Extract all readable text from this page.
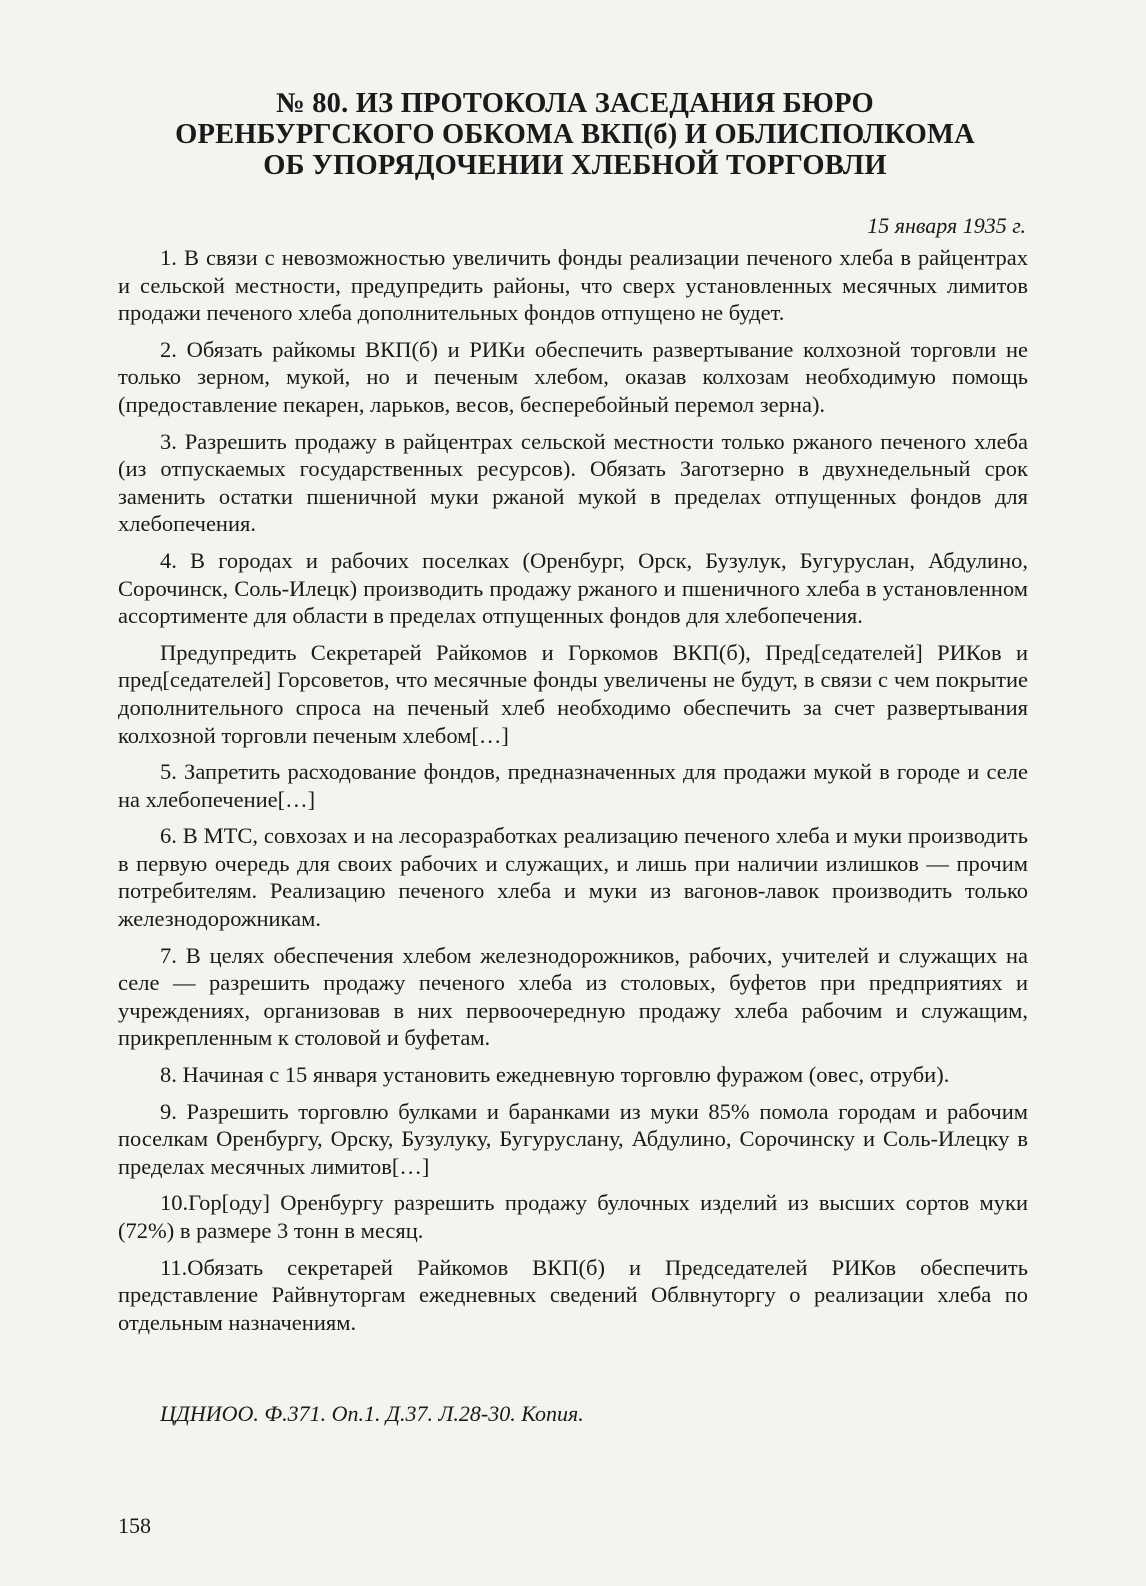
№ 80. ИЗ ПРОТОКОЛА ЗАСЕДАНИЯ БЮРО
ОРЕНБУРГСКОГО ОБКОМА ВКП(б) И ОБЛИСПОЛКОМА
ОБ УПОРЯДОЧЕНИИ ХЛЕБНОЙ ТОРГОВЛИ
15 января 1935 г.

1. В связи с невозможностью увеличить фонды реализации печеного хлеба в райцентрах и сельской местности, предупредить районы, что сверх установленных месячных лимитов продажи печеного хлеба дополнительных фондов отпущено не будет.

2. Обязать райкомы ВКП(б) и РИКи обеспечить развертывание колхозной торговли не только зерном, мукой, но и печеным хлебом, оказав колхозам необходимую помощь (предоставление пекарен, ларьков, весов, бесперебойный перемол зерна).

3. Разрешить продажу в райцентрах сельской местности только ржаного печеного хлеба (из отпускаемых государственных ресурсов). Обязать Заготзерно в двухнедельный срок заменить остатки пшеничной муки ржаной мукой в пределах отпущенных фондов для хлебопечения.

4. В городах и рабочих поселках (Оренбург, Орск, Бузулук, Бугуруслан, Абдулино, Сорочинск, Соль-Илецк) производить продажу ржаного и пшеничного хлеба в установленном ассортименте для области в пределах отпущенных фондов для хлебопечения.

Предупредить Секретарей Райкомов и Горкомов ВКП(б), Пред[седателей] РИКов и пред[седателей] Горсоветов, что месячные фонды увеличены не будут, в связи с чем покрытие дополнительного спроса на печеный хлеб необходимо обеспечить за счет развертывания колхозной торговли печеным хлебом[…]

5. Запретить расходование фондов, предназначенных для продажи мукой в городе и селе на хлебопечение[…]

6. В МТС, совхозах и на лесоразработках реализацию печеного хлеба и муки производить в первую очередь для своих рабочих и служащих, и лишь при наличии излишков — прочим потребителям. Реализацию печеного хлеба и муки из вагонов-лавок производить только железнодорожникам.

7. В целях обеспечения хлебом железнодорожников, рабочих, учителей и служащих на селе — разрешить продажу печеного хлеба из столовых, буфетов при предприятиях и учреждениях, организовав в них первоочередную продажу хлеба рабочим и служащим, прикрепленным к столовой и буфетам.

8. Начиная с 15 января установить ежедневную торговлю фуражом (овес, отруби).

9. Разрешить торговлю булками и баранками из муки 85% помола городам и рабочим поселкам Оренбургу, Орску, Бузулуку, Бугуруслану, Абдулино, Сорочинску и Соль-Илецку в пределах месячных лимитов[…]

10.Гор[оду] Оренбургу разрешить продажу булочных изделий из высших сортов муки (72%) в размере 3 тонн в месяц.

11.Обязать секретарей Райкомов ВКП(б) и Председателей РИКов обеспечить представление Райвнуторгам ежедневных сведений Облвнуторгу о реализации хлеба по отдельным назначениям.

ЦДНИОО. Ф.371. Оп.1. Д.37. Л.28-30. Копия.
158
